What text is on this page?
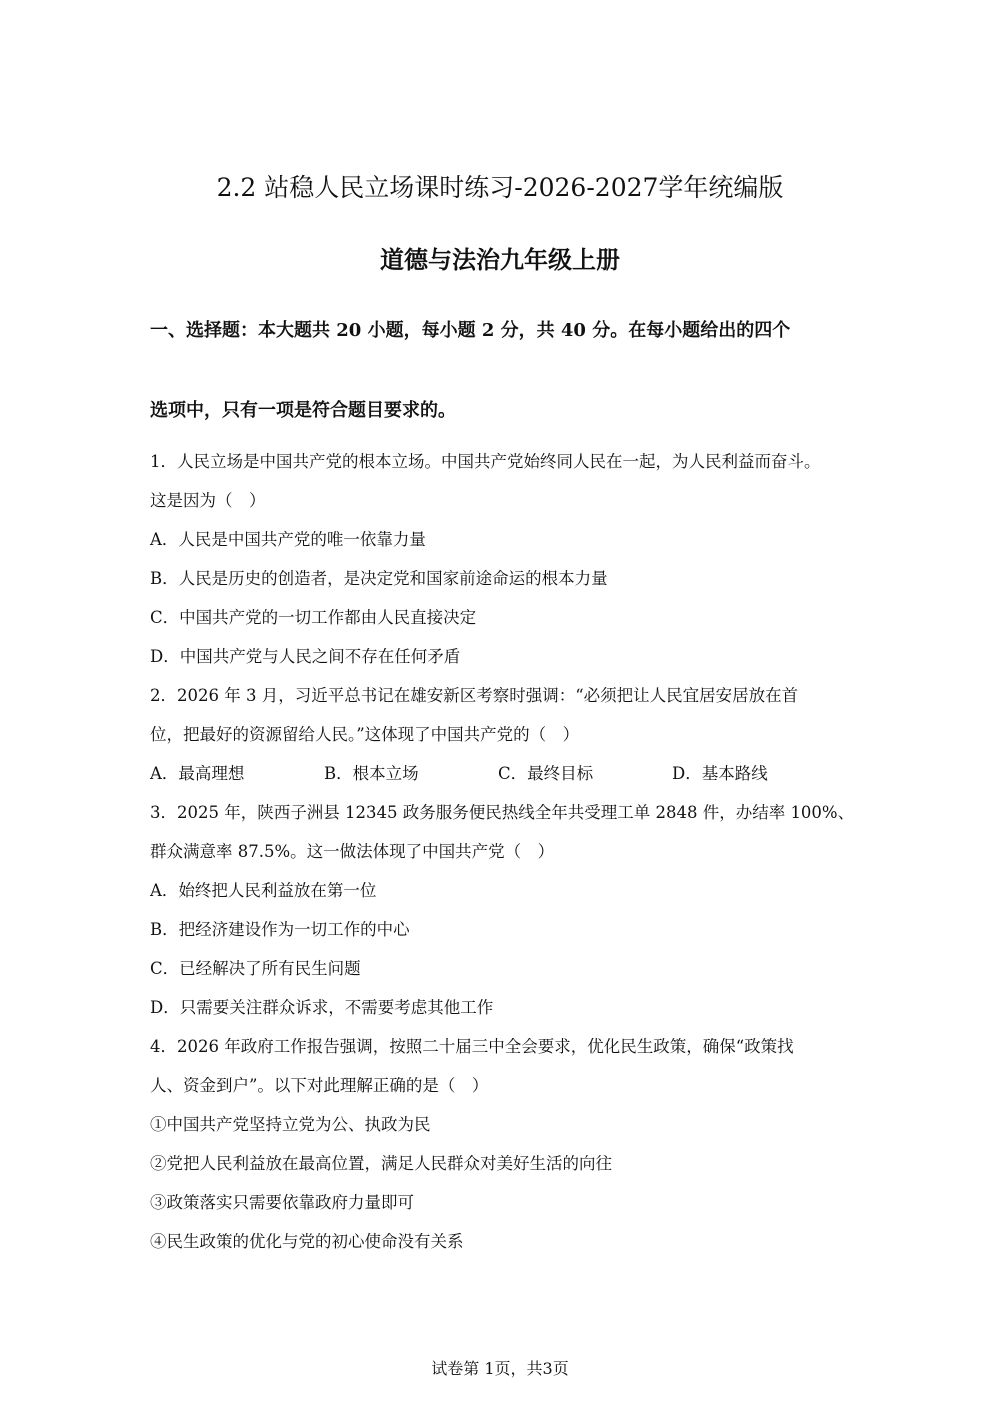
2.2 站稳人民立场课时练习-2026-2027学年统编版
道德与法治九年级上册
一、选择题：本大题共 20 小题，每小题 2 分，共 40 分。在每小题给出的四个
选项中，只有一项是符合题目要求的。
1．人民立场是中国共产党的根本立场。中国共产党始终同人民在一起，为人民利益而奋斗。
这是因为（　）
A．人民是中国共产党的唯一依靠力量
B．人民是历史的创造者，是决定党和国家前途命运的根本力量
C．中国共产党的一切工作都由人民直接决定
D．中国共产党与人民之间不存在任何矛盾
2．2026 年 3 月，习近平总书记在雄安新区考察时强调：“必须把让人民宜居安居放在首
位，把最好的资源留给人民。”这体现了中国共产党的（　）
A．最高理想	B．根本立场	C．最终目标	D．基本路线
3．2025 年，陕西子洲县 12345 政务服务便民热线全年共受理工单 2848 件，办结率 100%、
群众满意率 87.5%。这一做法体现了中国共产党（　）
A．始终把人民利益放在第一位
B．把经济建设作为一切工作的中心
C．已经解决了所有民生问题
D．只需要关注群众诉求，不需要考虑其他工作
4．2026 年政府工作报告强调，按照二十届三中全会要求，优化民生政策，确保“政策找
人、资金到户”。以下对此理解正确的是（　）
①中国共产党坚持立党为公、执政为民
②党把人民利益放在最高位置，满足人民群众对美好生活的向往
③政策落实只需要依靠政府力量即可
④民生政策的优化与党的初心使命没有关系
试卷第 1页，共3页
